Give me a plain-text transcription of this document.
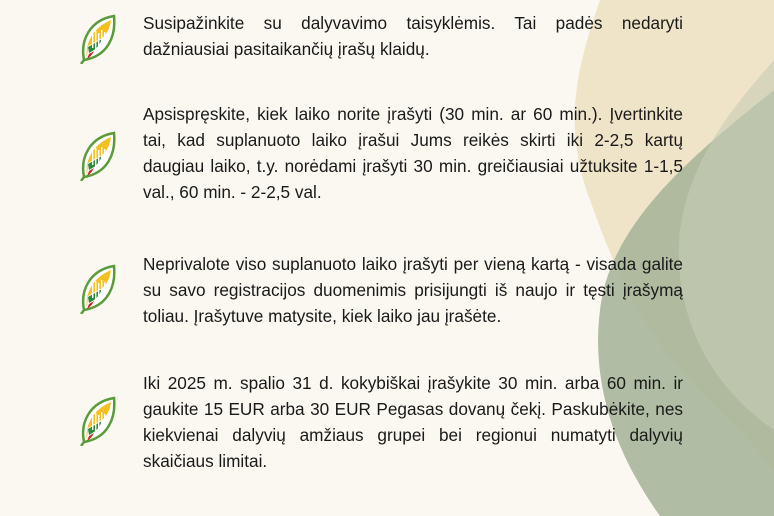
Susipažinkite su dalyvavimo taisyklėmis. Tai padės nedaryti dažniausiai pasitaikančių įrašų klaidų.

Apsispręskite, kiek laiko norite įrašyti (30 min. ar 60 min.). Įvertinkite tai, kad suplanuoto laiko įrašui Jums reikės skirti iki 2-2,5 kartų daugiau laiko, t.y. norėdami įrašyti 30 min. greičiausiai užtuksite 1-1,5 val., 60 min. - 2-2,5 val.

Neprivalote viso suplanuoto laiko įrašyti per vieną kartą - visada galite su savo registracijos duomenimis prisijungti iš naujo ir tęsti įrašymą toliau. Įrašytuve matysite, kiek laiko jau įrašėte.

Iki 2025 m. spalio 31 d. kokybiškai įrašykite 30 min. arba 60 min. ir gaukite 15 EUR arba 30 EUR Pegasas dovanų čekį. Paskubėkite, nes kiekvienai dalyvių amžiaus grupei bei regionui numatyti dalyvių skaičiaus limitai.
